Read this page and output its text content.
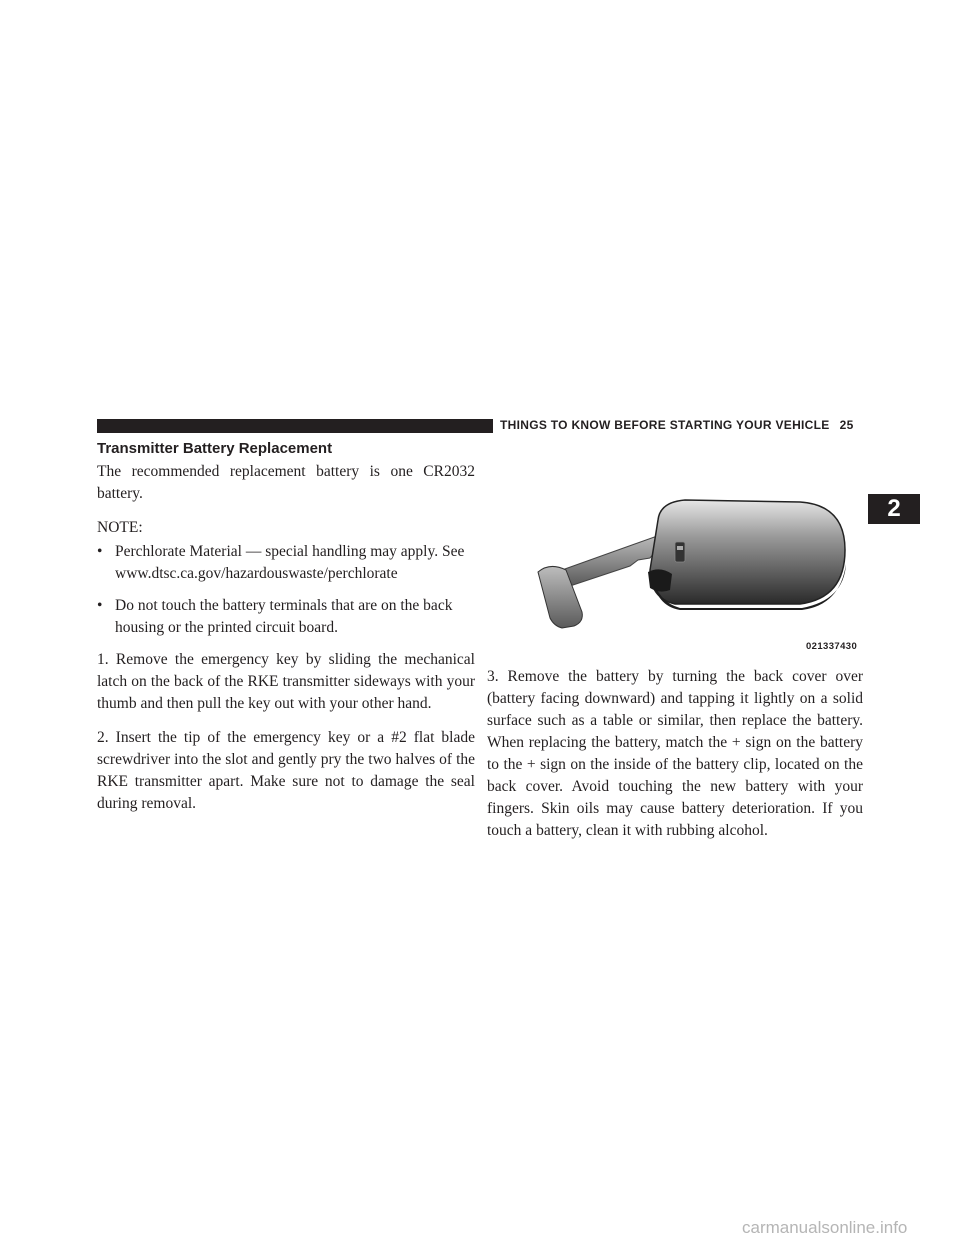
THINGS TO KNOW BEFORE STARTING YOUR VEHICLE 25
2
Transmitter Battery Replacement

The recommended replacement battery is one CR2032 battery.

NOTE:

• Perchlorate Material — special handling may apply. See www.dtsc.ca.gov/hazardouswaste/perchlorate
• Do not touch the battery terminals that are on the back housing or the printed circuit board.

1. Remove the emergency key by sliding the mechanical latch on the back of the RKE transmitter sideways with your thumb and then pull the key out with your other hand.

2. Insert the tip of the emergency key or a #2 flat blade screwdriver into the slot and gently pry the two halves of the RKE transmitter apart. Make sure not to damage the seal during removal.

021337430

3. Remove the battery by turning the back cover over (battery facing downward) and tapping it lightly on a solid surface such as a table or similar, then replace the battery. When replacing the battery, match the + sign on the battery to the + sign on the inside of the battery clip, located on the back cover. Avoid touching the new battery with your fingers. Skin oils may cause battery deterioration. If you touch a battery, clean it with rubbing alcohol.

carmanualsonline.info
